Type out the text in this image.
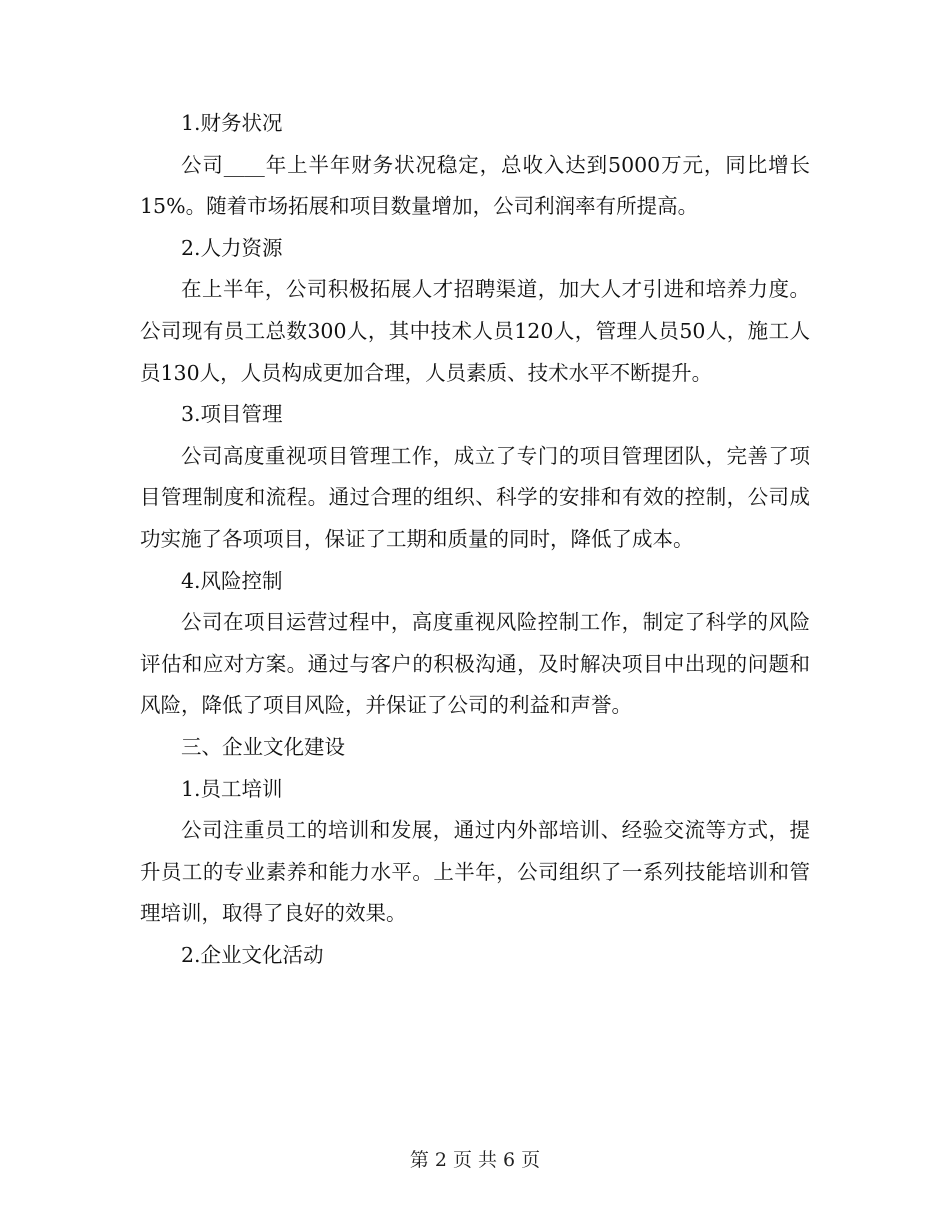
1.财务状况

公司____年上半年财务状况稳定，总收入达到5000万元，同比增长15%。随着市场拓展和项目数量增加，公司利润率有所提高。

2.人力资源

在上半年，公司积极拓展人才招聘渠道，加大人才引进和培养力度。公司现有员工总数300人，其中技术人员120人，管理人员50人，施工人员130人，人员构成更加合理，人员素质、技术水平不断提升。

3.项目管理

公司高度重视项目管理工作，成立了专门的项目管理团队，完善了项目管理制度和流程。通过合理的组织、科学的安排和有效的控制，公司成功实施了各项项目，保证了工期和质量的同时，降低了成本。

4.风险控制

公司在项目运营过程中，高度重视风险控制工作，制定了科学的风险评估和应对方案。通过与客户的积极沟通，及时解决项目中出现的问题和风险，降低了项目风险，并保证了公司的利益和声誉。

三、企业文化建设

1.员工培训

公司注重员工的培训和发展，通过内外部培训、经验交流等方式，提升员工的专业素养和能力水平。上半年，公司组织了一系列技能培训和管理培训，取得了良好的效果。

2.企业文化活动

第 2 页 共 6 页
